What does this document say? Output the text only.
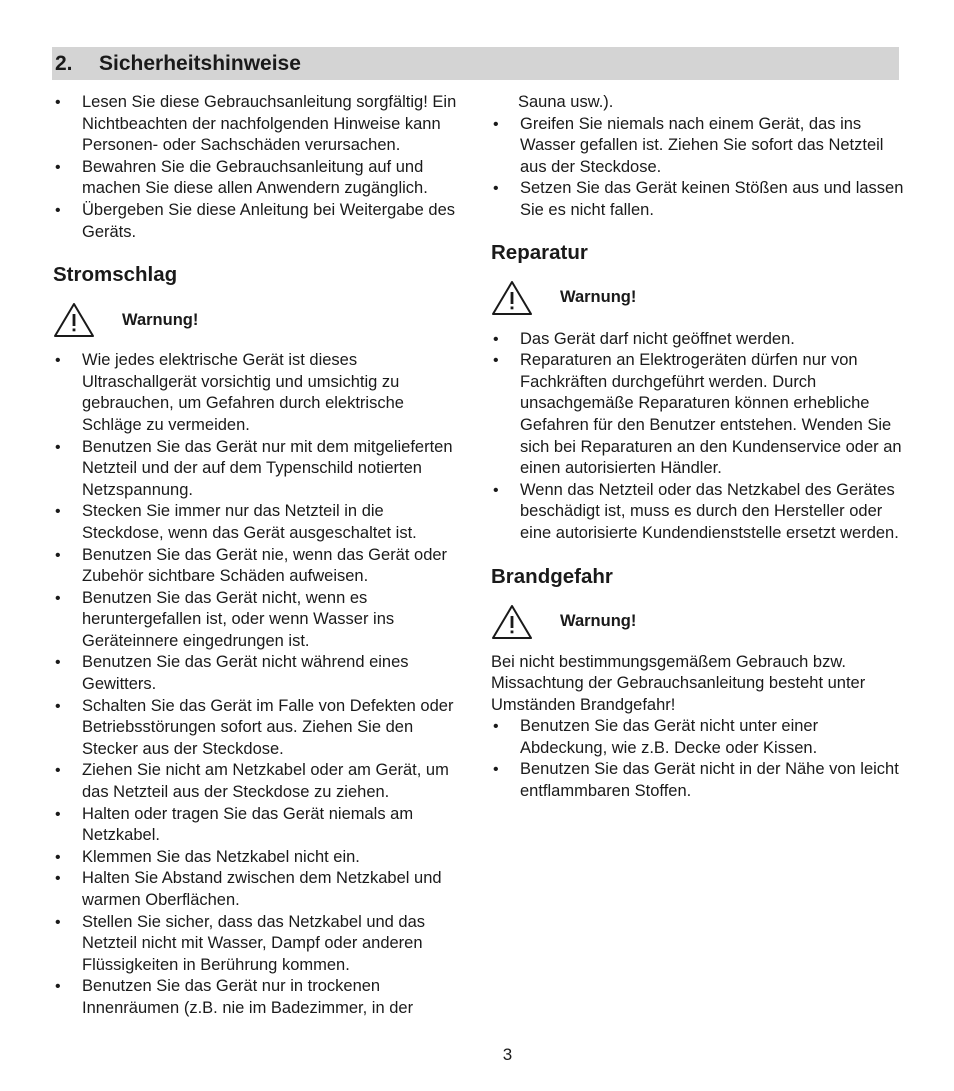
2.	Sicherheitshinweise
• Lesen Sie diese Gebrauchsanleitung sorgfältig! Ein Nichtbeachten der nachfolgenden Hinweise kann Personen- oder Sachschäden verursachen.
• Bewahren Sie die Gebrauchsanleitung auf und machen Sie diese allen Anwendern zugänglich.
• Übergeben Sie diese Anleitung bei Weitergabe des Geräts.
Stromschlag
Warnung!
• Wie jedes elektrische Gerät ist dieses Ultraschallgerät vorsichtig und umsichtig zu gebrauchen, um Gefahren durch elektrische Schläge zu vermeiden.
• Benutzen Sie das Gerät nur mit dem mitgelieferten Netzteil und der auf dem Typenschild notierten Netzspannung.
• Stecken Sie immer nur das Netzteil in die Steckdose, wenn das Gerät ausgeschaltet ist.
• Benutzen Sie das Gerät nie, wenn das Gerät oder Zubehör sichtbare Schäden aufweisen.
• Benutzen Sie das Gerät nicht, wenn es heruntergefallen ist, oder wenn Wasser ins Geräteinnere eingedrungen ist.
• Benutzen Sie das Gerät nicht während eines Gewitters.
• Schalten Sie das Gerät im Falle von Defekten oder Betriebsstörungen sofort aus. Ziehen Sie den Stecker aus der Steckdose.
• Ziehen Sie nicht am Netzkabel oder am Gerät, um das Netzteil aus der Steckdose zu ziehen.
• Halten oder tragen Sie das Gerät niemals am Netzkabel.
• Klemmen Sie das Netzkabel nicht ein.
• Halten Sie Abstand zwischen dem Netzkabel und warmen Oberflächen.
• Stellen Sie sicher, dass das Netzkabel und das Netzteil nicht mit Wasser, Dampf oder anderen Flüssigkeiten in Berührung kommen.
• Benutzen Sie das Gerät nur in trockenen Innenräumen (z.B. nie im Badezimmer, in der
Sauna usw.).
• Greifen Sie niemals nach einem Gerät, das ins Wasser gefallen ist. Ziehen Sie sofort das Netzteil aus der Steckdose.
• Setzen Sie das Gerät keinen Stößen aus und lassen Sie es nicht fallen.
Reparatur
Warnung!
• Das Gerät darf nicht geöffnet werden.
• Reparaturen an Elektrogeräten dürfen nur von Fachkräften durchgeführt werden. Durch unsachgemäße Reparaturen können erhebliche Gefahren für den Benutzer entstehen. Wenden Sie sich bei Reparaturen an den Kundenservice oder an einen autorisierten Händler.
• Wenn das Netzteil oder das Netzkabel des Gerätes beschädigt ist, muss es durch den Hersteller oder eine autorisierte Kundendienststelle ersetzt werden.
Brandgefahr
Warnung!

Bei nicht bestimmungsgemäßem Gebrauch bzw. Missachtung der Gebrauchsanleitung besteht unter Umständen Brandgefahr!

• Benutzen Sie das Gerät nicht unter einer Abdeckung, wie z.B. Decke oder Kissen.
• Benutzen Sie das Gerät nicht in der Nähe von leicht entflammbaren Stoffen.
3
